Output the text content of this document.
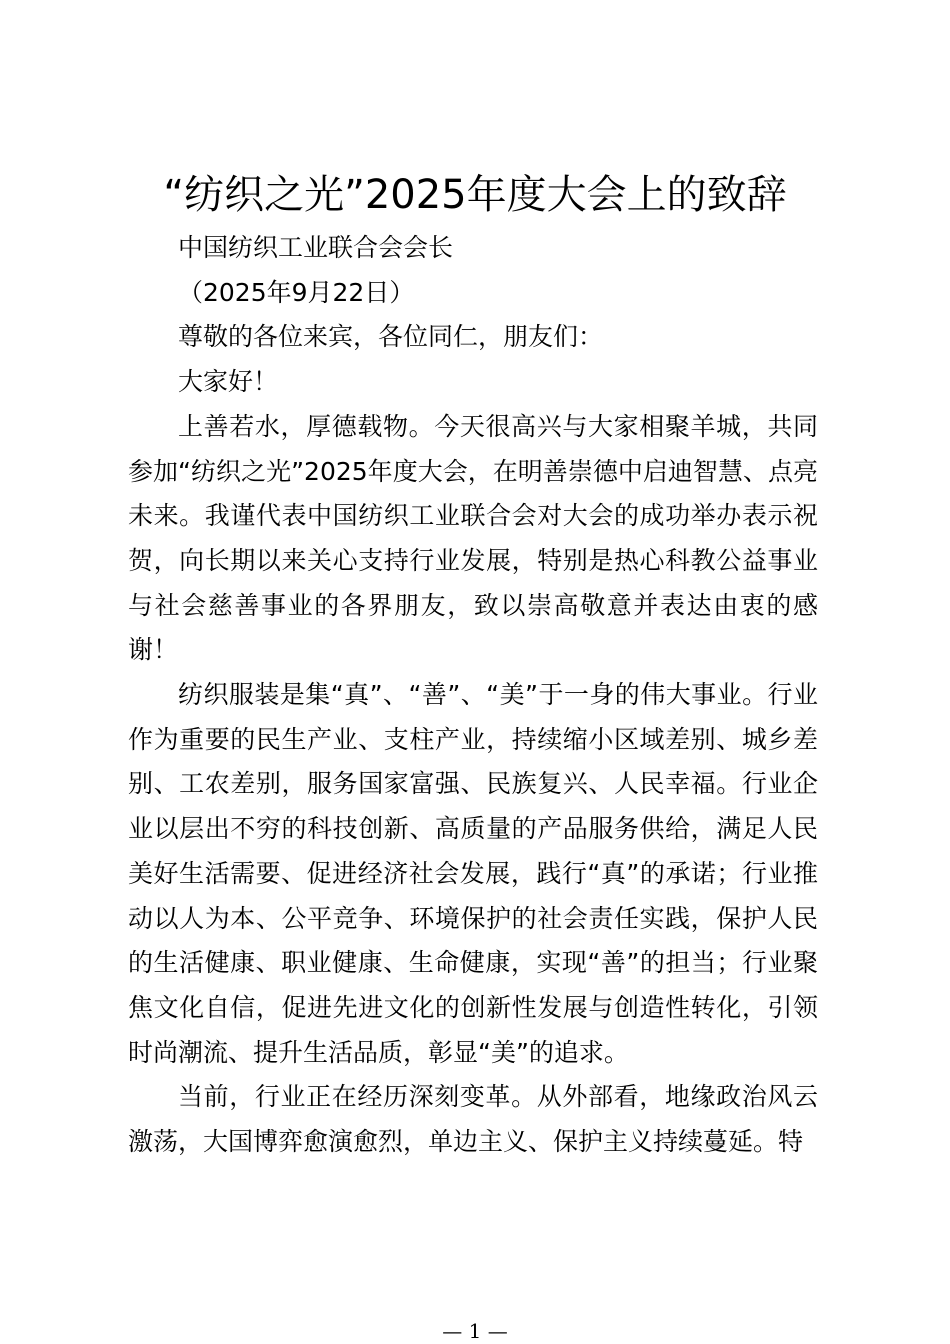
“纺织之光”2025年度大会上的致辞

中国纺织工业联合会会长

（2025年9月22日）

尊敬的各位来宾，各位同仁，朋友们：

大家好！

上善若水，厚德载物。今天很高兴与大家相聚羊城，共同参加“纺织之光”2025年度大会，在明善崇德中启迪智慧、点亮未来。我谨代表中国纺织工业联合会对大会的成功举办表示祝贺，向长期以来关心支持行业发展，特别是热心科教公益事业与社会慈善事业的各界朋友，致以崇高敬意并表达由衷的感谢！

纺织服装是集“真”、“善”、“美”于一身的伟大事业。行业作为重要的民生产业、支柱产业，持续缩小区域差别、城乡差别、工农差别，服务国家富强、民族复兴、人民幸福。行业企业以层出不穷的科技创新、高质量的产品服务供给，满足人民美好生活需要、促进经济社会发展，践行“真”的承诺；行业推动以人为本、公平竞争、环境保护的社会责任实践，保护人民的生活健康、职业健康、生命健康，实现“善”的担当；行业聚焦文化自信，促进先进文化的创新性发展与创造性转化，引领时尚潮流、提升生活品质，彰显“美”的追求。

当前，行业正在经历深刻变革。从外部看，地缘政治风云激荡，大国博弈愈演愈烈，单边主义、保护主义持续蔓延。特

— 1 —
